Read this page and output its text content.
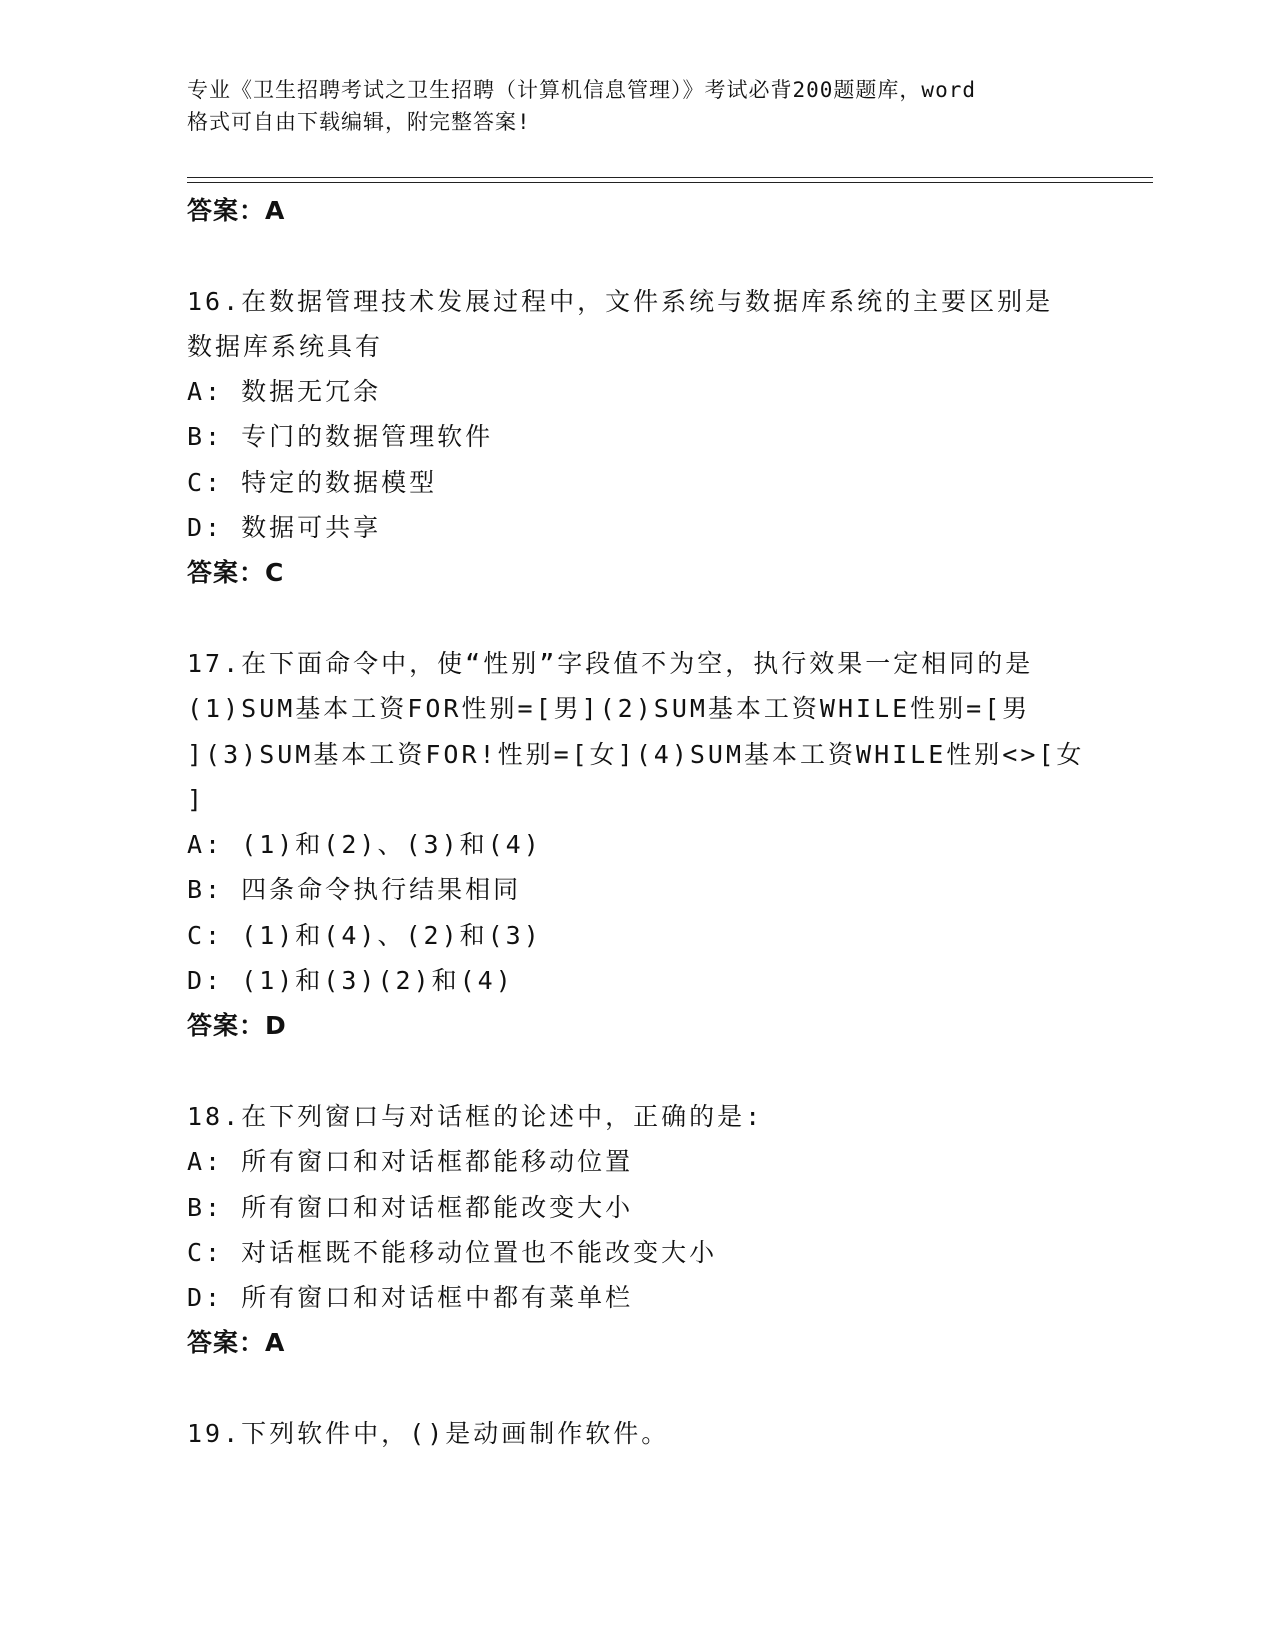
专业《卫生招聘考试之卫生招聘（计算机信息管理）》考试必背200题题库，word
格式可自由下载编辑，附完整答案!
答案：A
16.在数据管理技术发展过程中，文件系统与数据库系统的主要区别是
数据库系统具有
A: 数据无冗余
B: 专门的数据管理软件
C: 特定的数据模型
D: 数据可共享
答案：C
17.在下面命令中，使“性别”字段值不为空，执行效果一定相同的是
(1)SUM基本工资FOR性别=[男](2)SUM基本工资WHILE性别=[男
](3)SUM基本工资FOR!性别=[女](4)SUM基本工资WHILE性别<>[女
]
A: (1)和(2)、(3)和(4)
B: 四条命令执行结果相同
C: (1)和(4)、(2)和(3)
D: (1)和(3)(2)和(4)
答案：D
18.在下列窗口与对话框的论述中，正确的是:
A: 所有窗口和对话框都能移动位置
B: 所有窗口和对话框都能改变大小
C: 对话框既不能移动位置也不能改变大小
D: 所有窗口和对话框中都有菜单栏
答案：A
19.下列软件中，()是动画制作软件。
